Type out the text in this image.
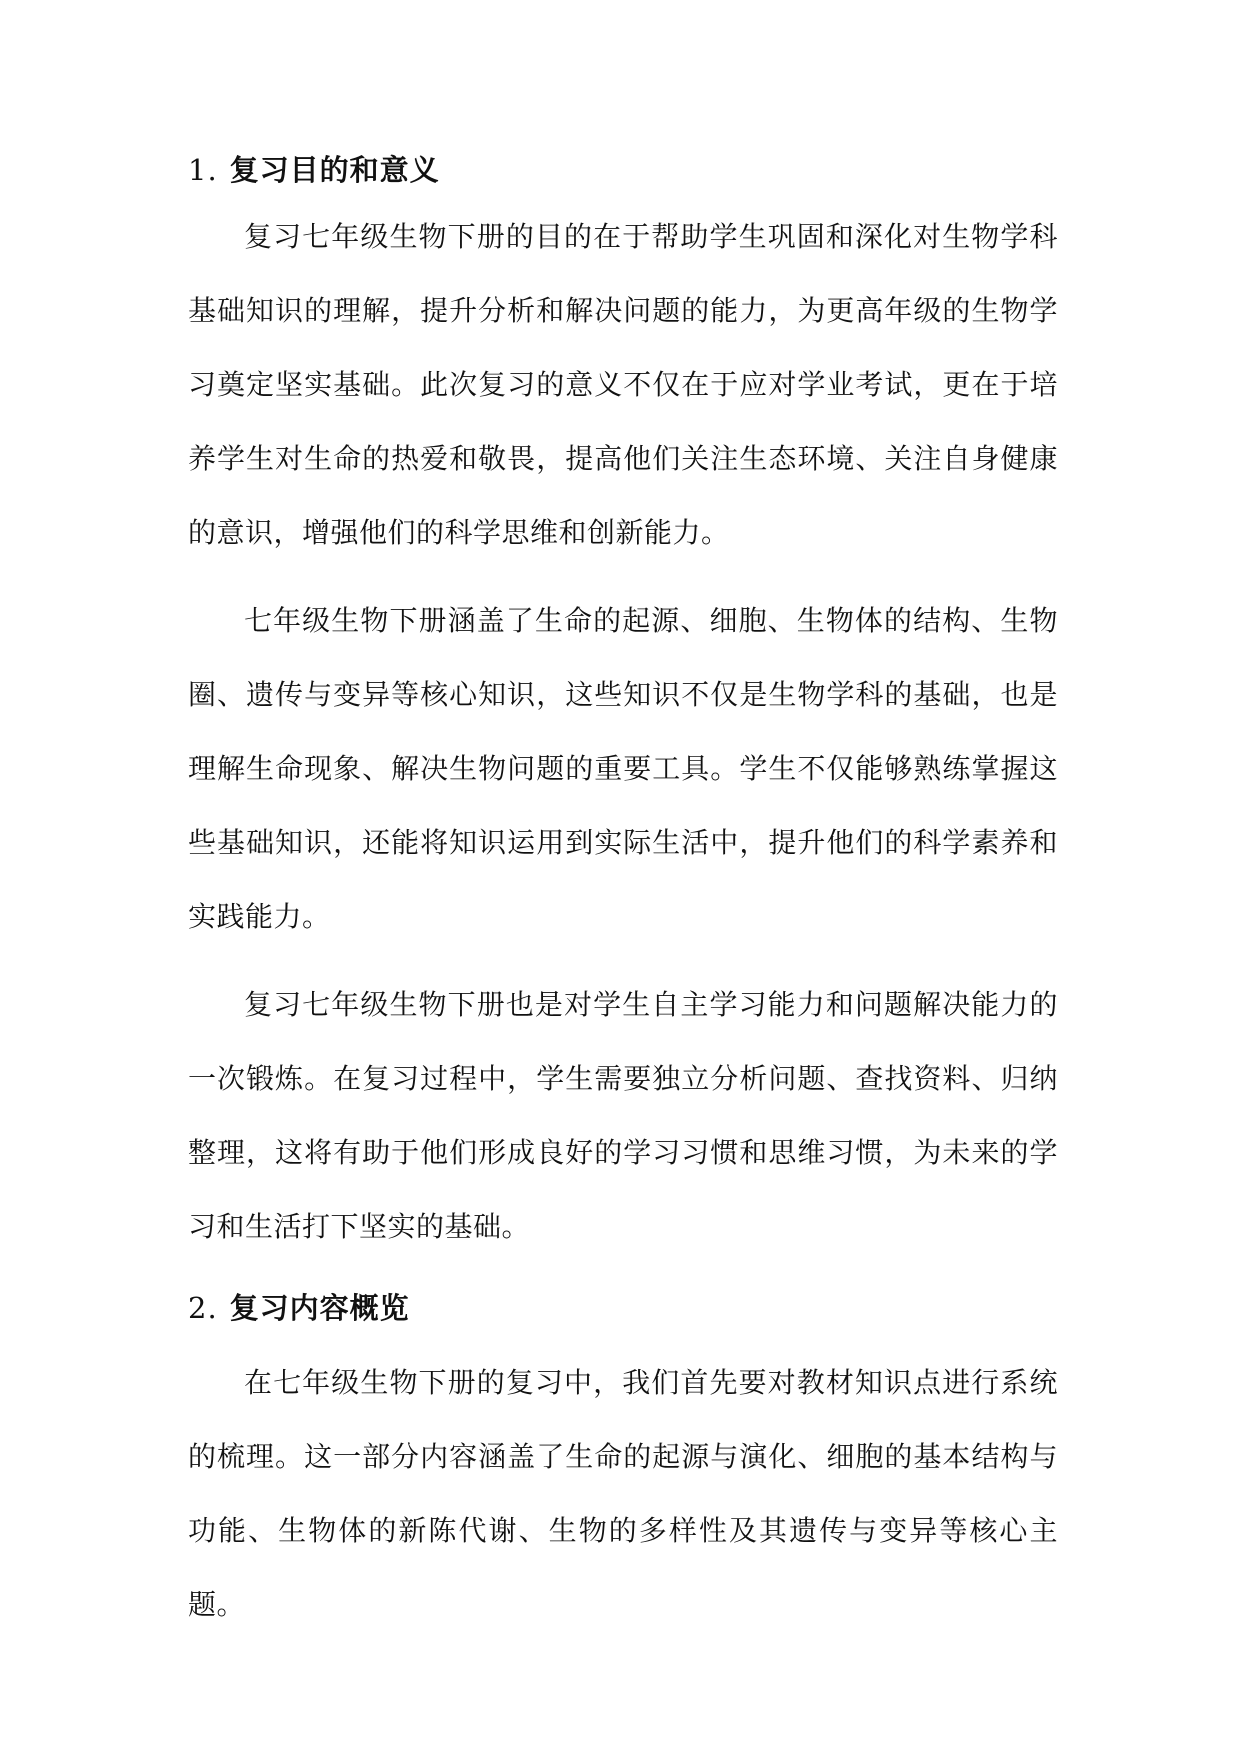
1. 复习目的和意义

复习七年级生物下册的目的在于帮助学生巩固和深化对生物学科基础知识的理解，提升分析和解决问题的能力，为更高年级的生物学习奠定坚实基础。此次复习的意义不仅在于应对学业考试，更在于培养学生对生命的热爱和敬畏，提高他们关注生态环境、关注自身健康的意识，增强他们的科学思维和创新能力。

七年级生物下册涵盖了生命的起源、细胞、生物体的结构、生物圈、遗传与变异等核心知识，这些知识不仅是生物学科的基础，也是理解生命现象、解决生物问题的重要工具。学生不仅能够熟练掌握这些基础知识，还能将知识运用到实际生活中，提升他们的科学素养和实践能力。

复习七年级生物下册也是对学生自主学习能力和问题解决能力的一次锻炼。在复习过程中，学生需要独立分析问题、查找资料、归纳整理，这将有助于他们形成良好的学习习惯和思维习惯，为未来的学习和生活打下坚实的基础。

2. 复习内容概览

在七年级生物下册的复习中，我们首先要对教材知识点进行系统的梳理。这一部分内容涵盖了生命的起源与演化、细胞的基本结构与功能、生物体的新陈代谢、生物的多样性及其遗传与变异等核心主题。
